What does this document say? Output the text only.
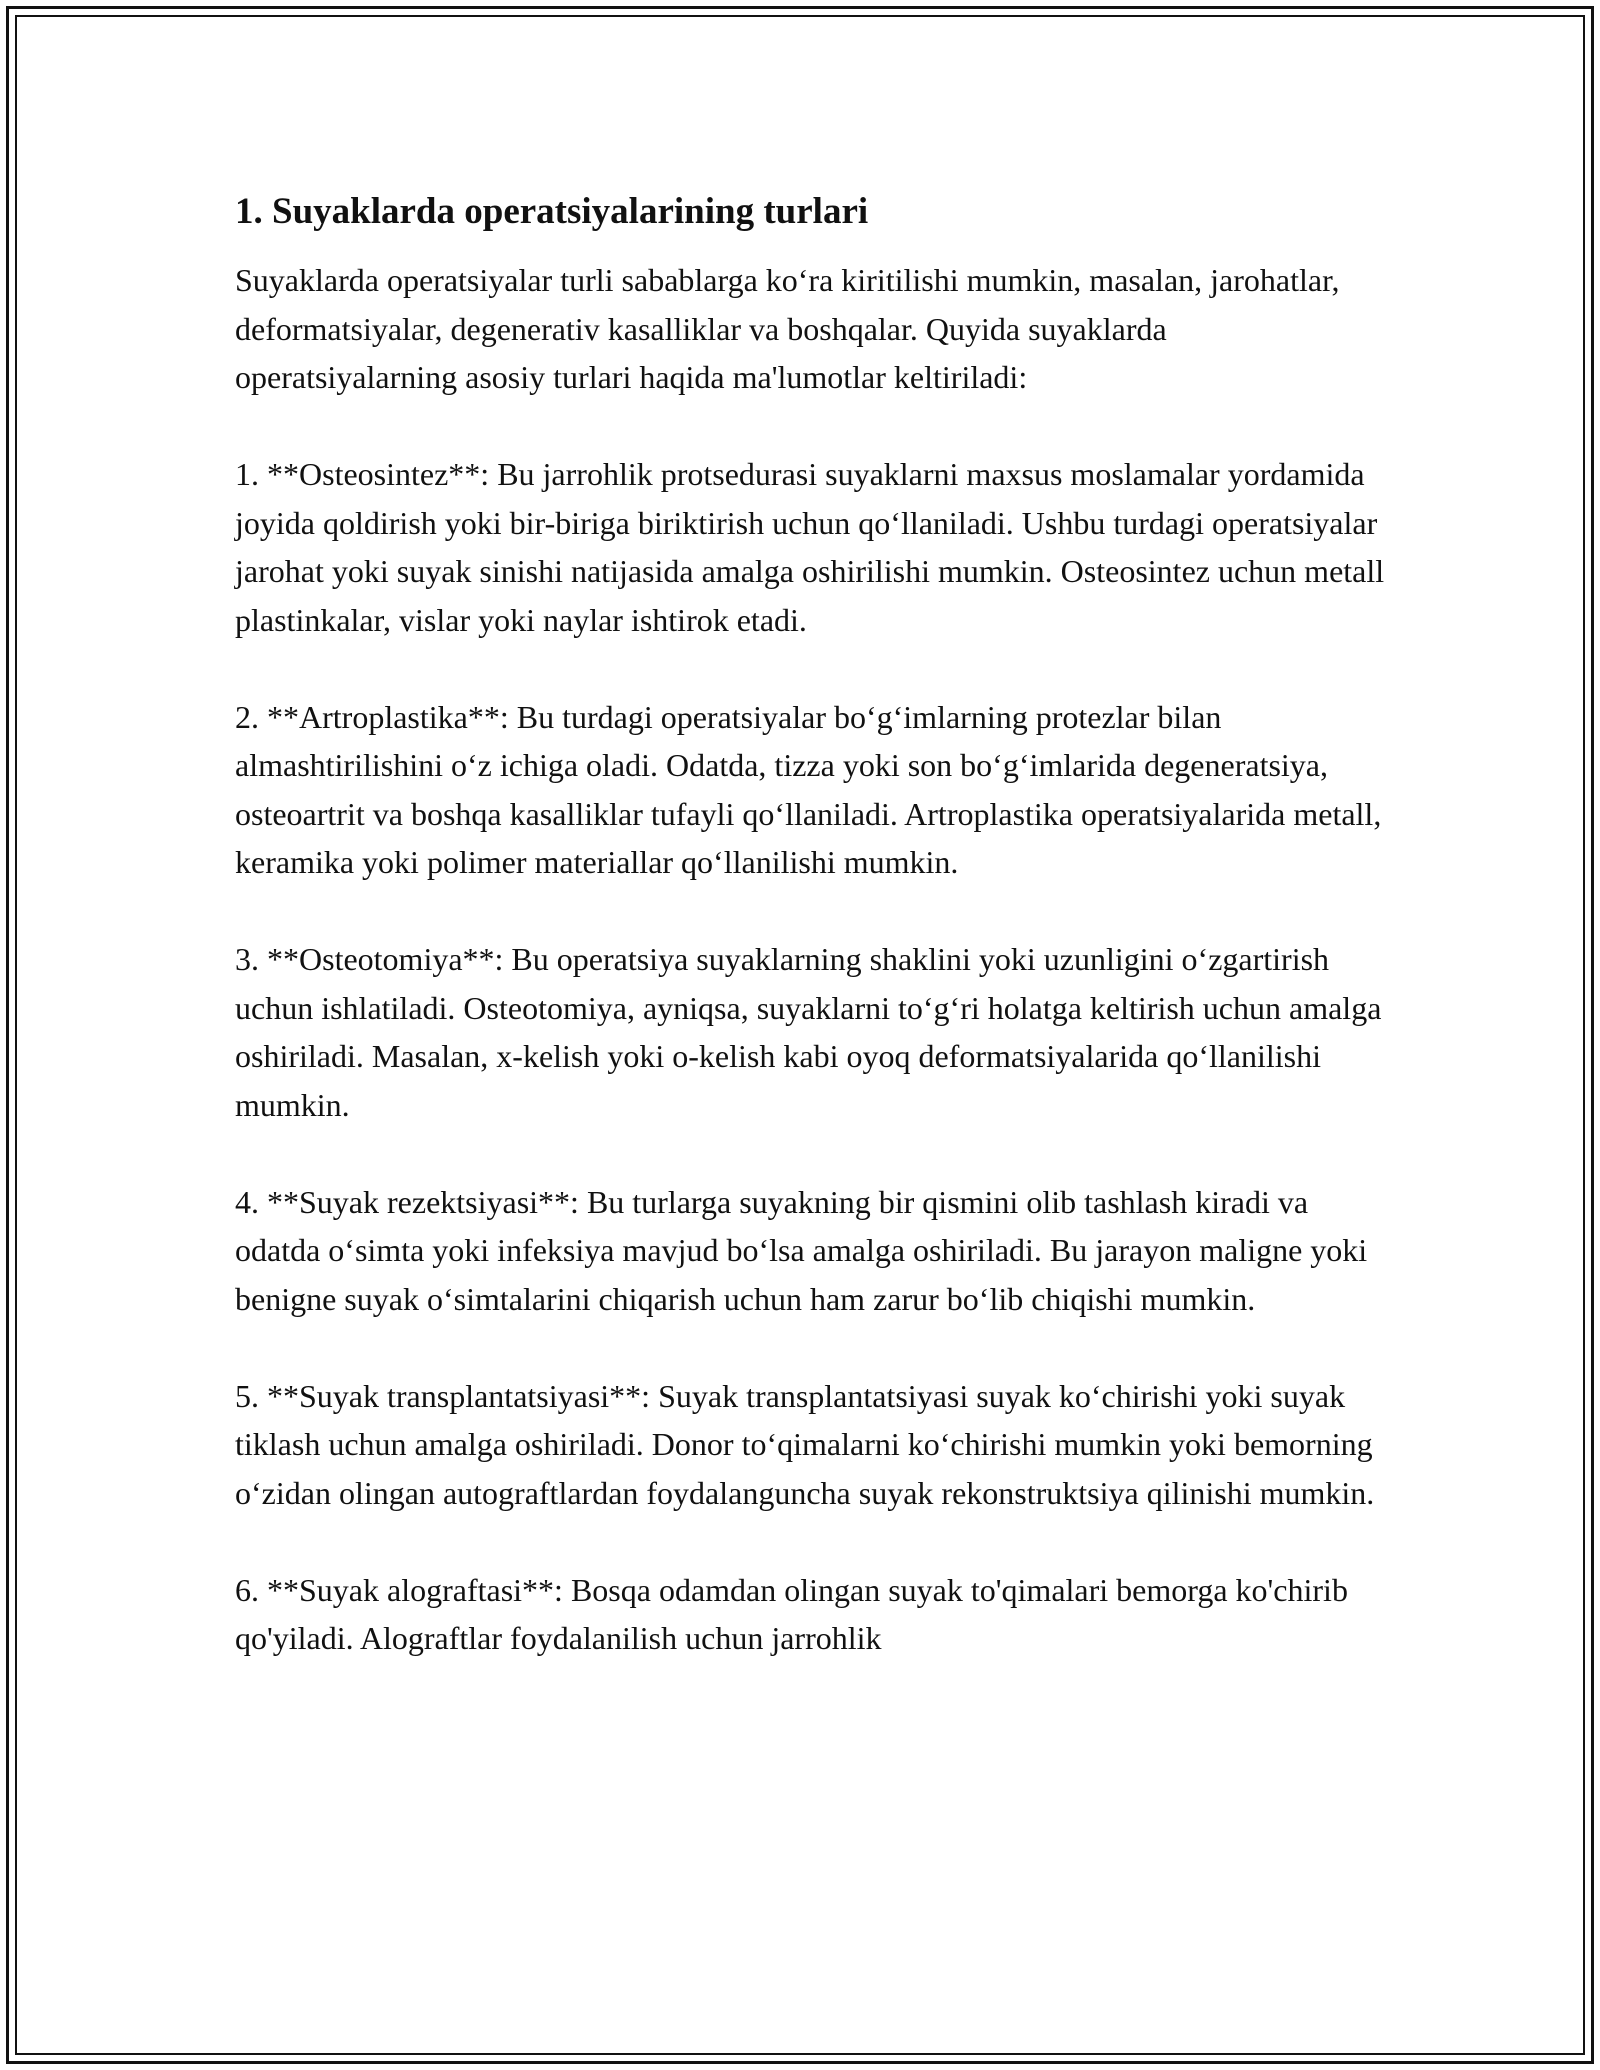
1. Suyaklarda operatsiyalarining turlari

Suyaklarda operatsiyalar turli sabablarga ko‘ra kiritilishi mumkin, masalan, jarohatlar, deformatsiyalar, degenerativ kasalliklar va boshqalar. Quyida suyaklarda operatsiyalarning asosiy turlari haqida ma'lumotlar keltiriladi:

1. **Osteosintez**: Bu jarrohlik protsedurasi suyaklarni maxsus moslamalar yordamida joyida qoldirish yoki bir-biriga biriktirish uchun qo‘llaniladi. Ushbu turdagi operatsiyalar jarohat yoki suyak sinishi natijasida amalga oshirilishi mumkin. Osteosintez uchun metall plastinkalar, vislar yoki naylar ishtirok etadi.

2. **Artroplastika**: Bu turdagi operatsiyalar bo‘g‘imlarning protezlar bilan almashtirilishini o‘z ichiga oladi. Odatda, tizza yoki son bo‘g‘imlarida degeneratsiya, osteoartrit va boshqa kasalliklar tufayli qo‘llaniladi. Artroplastika operatsiyalarida metall, keramika yoki polimer materiallar qo‘llanilishi mumkin.

3. **Osteotomiya**: Bu operatsiya suyaklarning shaklini yoki uzunligini o‘zgartirish uchun ishlatiladi. Osteotomiya, ayniqsa, suyaklarni to‘g‘ri holatga keltirish uchun amalga oshiriladi. Masalan, x-kelish yoki o-kelish kabi oyoq deformatsiyalarida qo‘llanilishi mumkin.

4. **Suyak rezektsiyasi**: Bu turlarga suyakning bir qismini olib tashlash kiradi va odatda o‘simta yoki infeksiya mavjud bo‘lsa amalga oshiriladi. Bu jarayon maligne yoki benigne suyak o‘simtalarini chiqarish uchun ham zarur bo‘lib chiqishi mumkin.

5. **Suyak transplantatsiyasi**: Suyak transplantatsiyasi suyak ko‘chirishi yoki suyak tiklash uchun amalga oshiriladi. Donor to‘qimalarni ko‘chirishi mumkin yoki bemorning o‘zidan olingan autograftlardan foydalanguncha suyak rekonstruktsiya qilinishi mumkin.

6. **Suyak alograftasi**: Bosqa odamdan olingan suyak to'qimalari bemorga ko'chirib qo'yiladi. Alograftlar foydalanilish uchun jarrohlik
